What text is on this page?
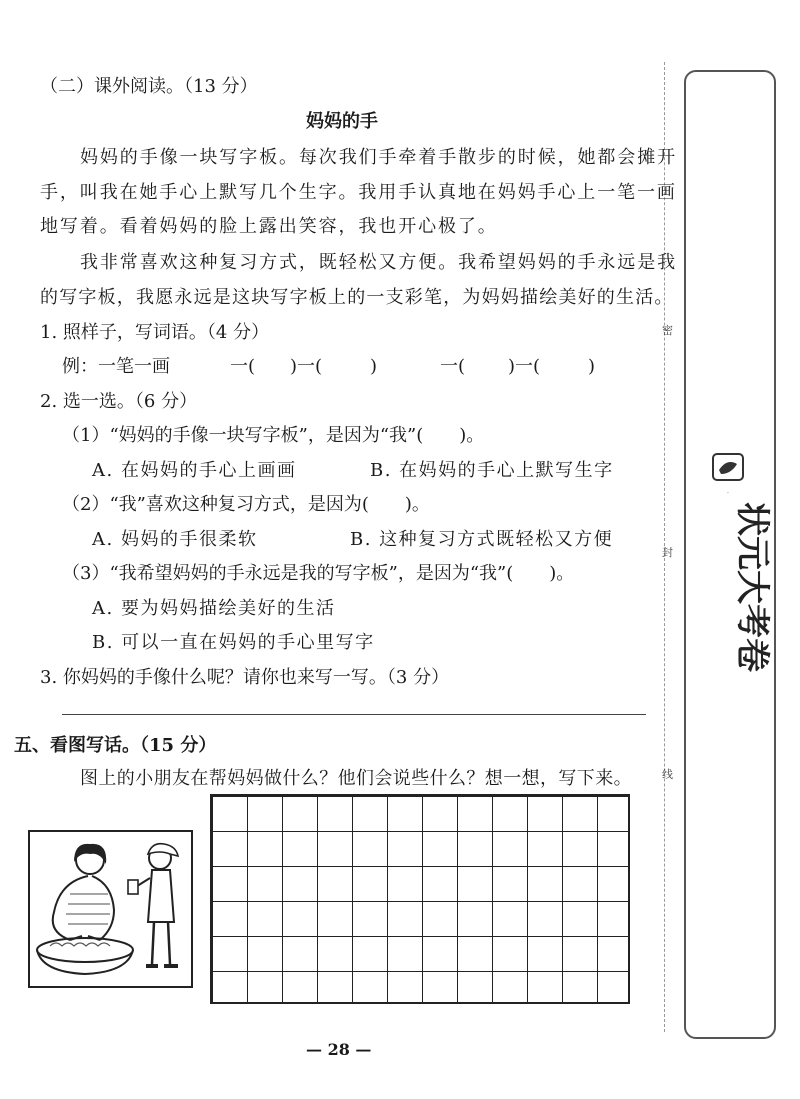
密
封
线
·
状元大考卷
（二）课外阅读。（13 分）
妈妈的手
妈妈的手像一块写字板。每次我们手牵着手散步的时候，她都会摊开
手，叫我在她手心上默写几个生字。我用手认真地在妈妈手心上一笔一画
地写着。看着妈妈的脸上露出笑容，我也开心极了。
我非常喜欢这种复习方式，既轻松又方便。我希望妈妈的手永远是我
的写字板，我愿永远是这块写字板上的一支彩笔，为妈妈描绘美好的生活。
1. 照样子，写词语。（4 分）
例：一笔一画	一( )一(	)	一( )一(	)
2. 选一选。（6 分）
（1）“妈妈的手像一块写字板”，是因为“我”(　　)。
A. 在妈妈的手心上画画	B. 在妈妈的手心上默写生字
（2）“我”喜欢这种复习方式，是因为(　　)。
A. 妈妈的手很柔软	B. 这种复习方式既轻松又方便
（3）“我希望妈妈的手永远是我的写字板”，是因为“我”(　　)。
A. 要为妈妈描绘美好的生活
B. 可以一直在妈妈的手心里写字
3. 你妈妈的手像什么呢？请你也来写一写。（3 分）
五、看图写话。（15 分）
图上的小朋友在帮妈妈做什么？他们会说些什么？想一想，写下来。
— 28 —
